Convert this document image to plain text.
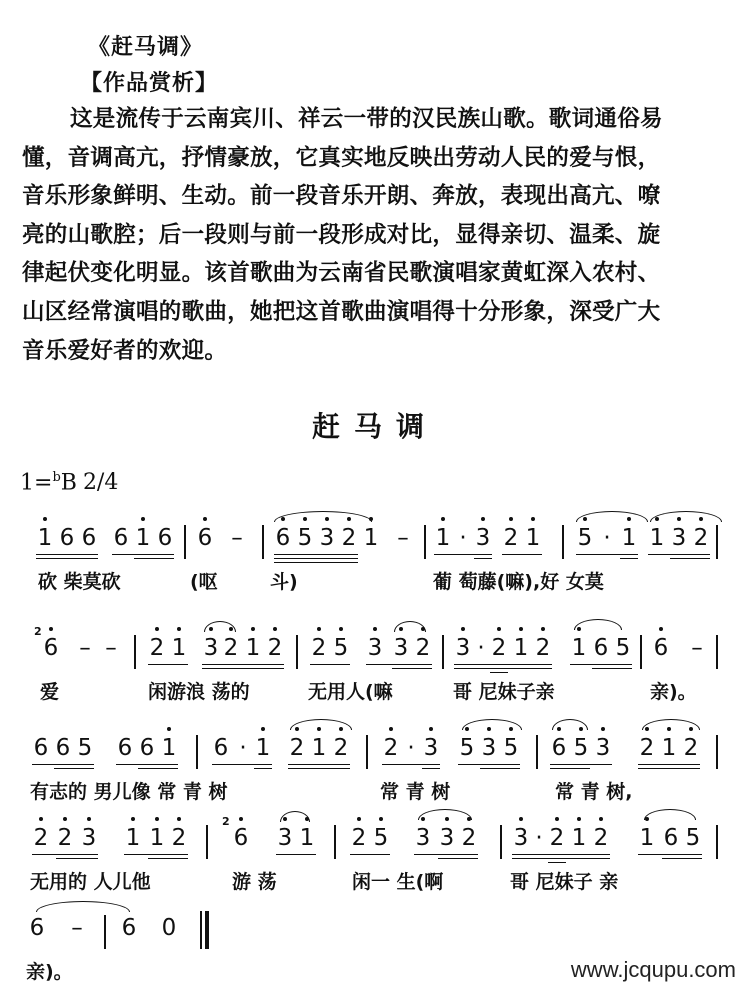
《赶马调》
【作品赏析】
这是流传于云南宾川、祥云一带的汉民族山歌。歌词通俗易
懂，音调高亢，抒情豪放，它真实地反映出劳动人民的爱与恨，
音乐形象鲜明、生动。前一段音乐开朗、奔放，表现出高亢、嘹
亮的山歌腔；后一段则与前一段形成对比，显得亲切、温柔、旋
律起伏变化明显。该首歌曲为云南省民歌演唱家黄虹深入农村、
山区经常演唱的歌曲，她把这首歌曲演唱得十分形象，深受广大
音乐爱好者的欢迎。
赶马调
1=$^b$B 2/4
1 6 6 6 1 6 6 – 6 5 3 2 1 – 1 · 3 2 1 5 · 1 1 3 2
砍 柴莫砍	(呕	斗)	葡 萄藤(嘛),好 女莫
2
6 – – 2 1 3 2 1 2 2 5 3 3 2 3 · 2 1 2 1 6 5 6 –
爱	闲游浪 荡的	无用人(嘛	哥 尼妹子亲	亲)。
6 6 5 6 6 1 6 · 1 2 1 2 2 · 3 5 3 5 6 5 3 2 1 2
有志的 男儿像 常 青 树	常 青 树	常 青 树,
2 2 3 1 1 2
2
6 3 1 2 5 3 3 2 3 · 2 1 2 1 6 5
无用的 人儿他	游 荡	闲一 生(啊	哥 尼妹子 亲
6 – 6 0
亲)。	www.jcqupu.com
